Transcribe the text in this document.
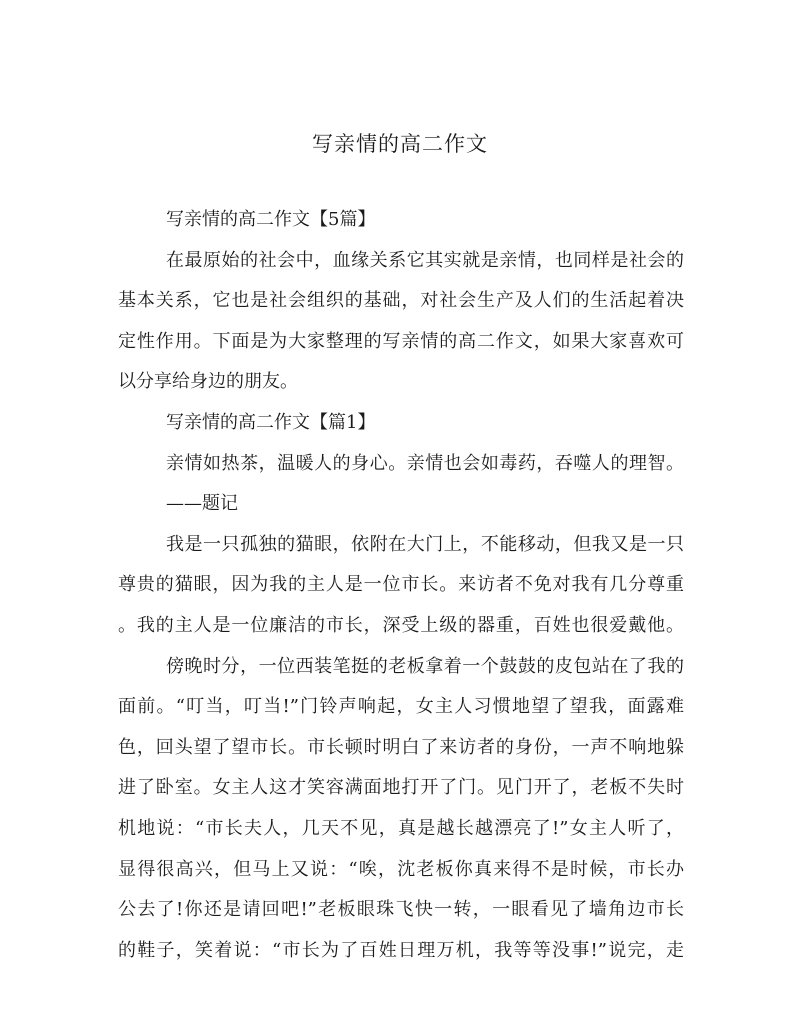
写亲情的高二作文
写亲情的高二作文【5篇】
在最原始的社会中，血缘关系它其实就是亲情，也同样是社会的
基本关系，它也是社会组织的基础，对社会生产及人们的生活起着决
定性作用。下面是为大家整理的写亲情的高二作文，如果大家喜欢可
以分享给身边的朋友。
写亲情的高二作文【篇1】
亲情如热茶，温暖人的身心。亲情也会如毒药，吞噬人的理智。
——题记
我是一只孤独的猫眼，依附在大门上，不能移动，但我又是一只
尊贵的猫眼，因为我的主人是一位市长。来访者不免对我有几分尊重
。我的主人是一位廉洁的市长，深受上级的器重，百姓也很爱戴他。
傍晚时分，一位西装笔挺的老板拿着一个鼓鼓的皮包站在了我的
面前。“叮当，叮当!”门铃声响起，女主人习惯地望了望我，面露难
色，回头望了望市长。市长顿时明白了来访者的身份，一声不响地躲
进了卧室。女主人这才笑容满面地打开了门。见门开了，老板不失时
机地说：“市长夫人，几天不见，真是越长越漂亮了!”女主人听了，
显得很高兴，但马上又说：“唉，沈老板你真来得不是时候，市长办
公去了!你还是请回吧!”老板眼珠飞快一转，一眼看见了墙角边市长
的鞋子，笑着说：“市长为了百姓日理万机，我等等没事!”说完，走
